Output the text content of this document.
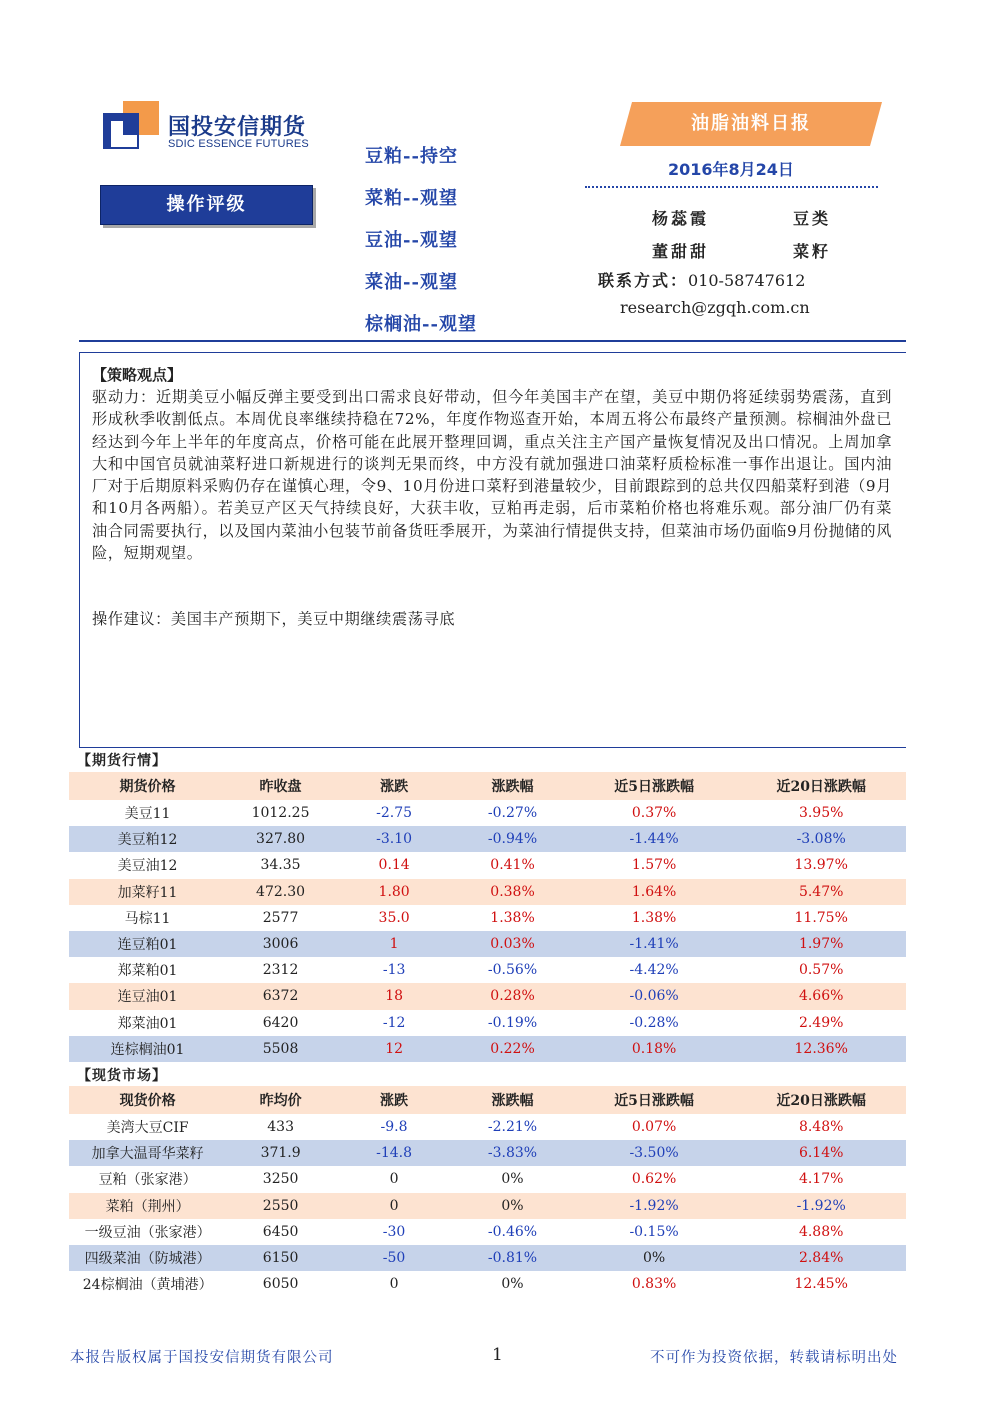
国投安信期货
SDIC ESSENCE FUTURES
操作评级
豆粕--持空
菜粕--观望
豆油--观望
菜油--观望
棕榈油--观望
油脂油料日报
2016年8月24日
杨蕊霞	豆类
董甜甜	菜籽
联系方式：010-58747612
research@zgqh.com.cn
【策略观点】
驱动力：近期美豆小幅反弹主要受到出口需求良好带动，但今年美国丰产在望，美豆中期仍将延续弱势震荡，直到形成秋季收割低点。本周优良率继续持稳在72%，年度作物巡查开始，本周五将公布最终产量预测。棕榈油外盘已经达到今年上半年的年度高点，价格可能在此展开整理回调，重点关注主产国产量恢复情况及出口情况。上周加拿大和中国官员就油菜籽进口新规进行的谈判无果而终，中方没有就加强进口油菜籽质检标准一事作出退让。国内油厂对于后期原料采购仍存在谨慎心理，令9、10月份进口菜籽到港量较少，目前跟踪到的总共仅四船菜籽到港（9月和10月各两船）。若美豆产区天气持续良好，大获丰收，豆粕再走弱，后市菜粕价格也将难乐观。部分油厂仍有菜油合同需要执行，以及国内菜油小包装节前备货旺季展开，为菜油行情提供支持，但菜油市场仍面临9月份抛储的风险，短期观望。
操作建议：美国丰产预期下，美豆中期继续震荡寻底
【期货行情】
期货价格	昨收盘	涨跌	涨跌幅	近5日涨跌幅	近20日涨跌幅
美豆11	1012.25	-2.75	-0.27%	0.37%	3.95%
美豆粕12	327.80	-3.10	-0.94%	-1.44%	-3.08%
美豆油12	34.35	0.14	0.41%	1.57%	13.97%
加菜籽11	472.30	1.80	0.38%	1.64%	5.47%
马棕11	2577	35.0	1.38%	1.38%	11.75%
连豆粕01	3006	1	0.03%	-1.41%	1.97%
郑菜粕01	2312	-13	-0.56%	-4.42%	0.57%
连豆油01	6372	18	0.28%	-0.06%	4.66%
郑菜油01	6420	-12	-0.19%	-0.28%	2.49%
连棕榈油01	5508	12	0.22%	0.18%	12.36%
【现货市场】
现货价格	昨均价	涨跌	涨跌幅	近5日涨跌幅	近20日涨跌幅
美湾大豆CIF	433	-9.8	-2.21%	0.07%	8.48%
加拿大温哥华菜籽	371.9	-14.8	-3.83%	-3.50%	6.14%
豆粕（张家港）	3250	0	0%	0.62%	4.17%
菜粕（荆州）	2550	0	0%	-1.92%	-1.92%
一级豆油（张家港）	6450	-30	-0.46%	-0.15%	4.88%
四级菜油（防城港）	6150	-50	-0.81%	0%	2.84%
24棕榈油（黄埔港）	6050	0	0%	0.83%	12.45%
本报告版权属于国投安信期货有限公司	1	不可作为投资依据，转载请标明出处
